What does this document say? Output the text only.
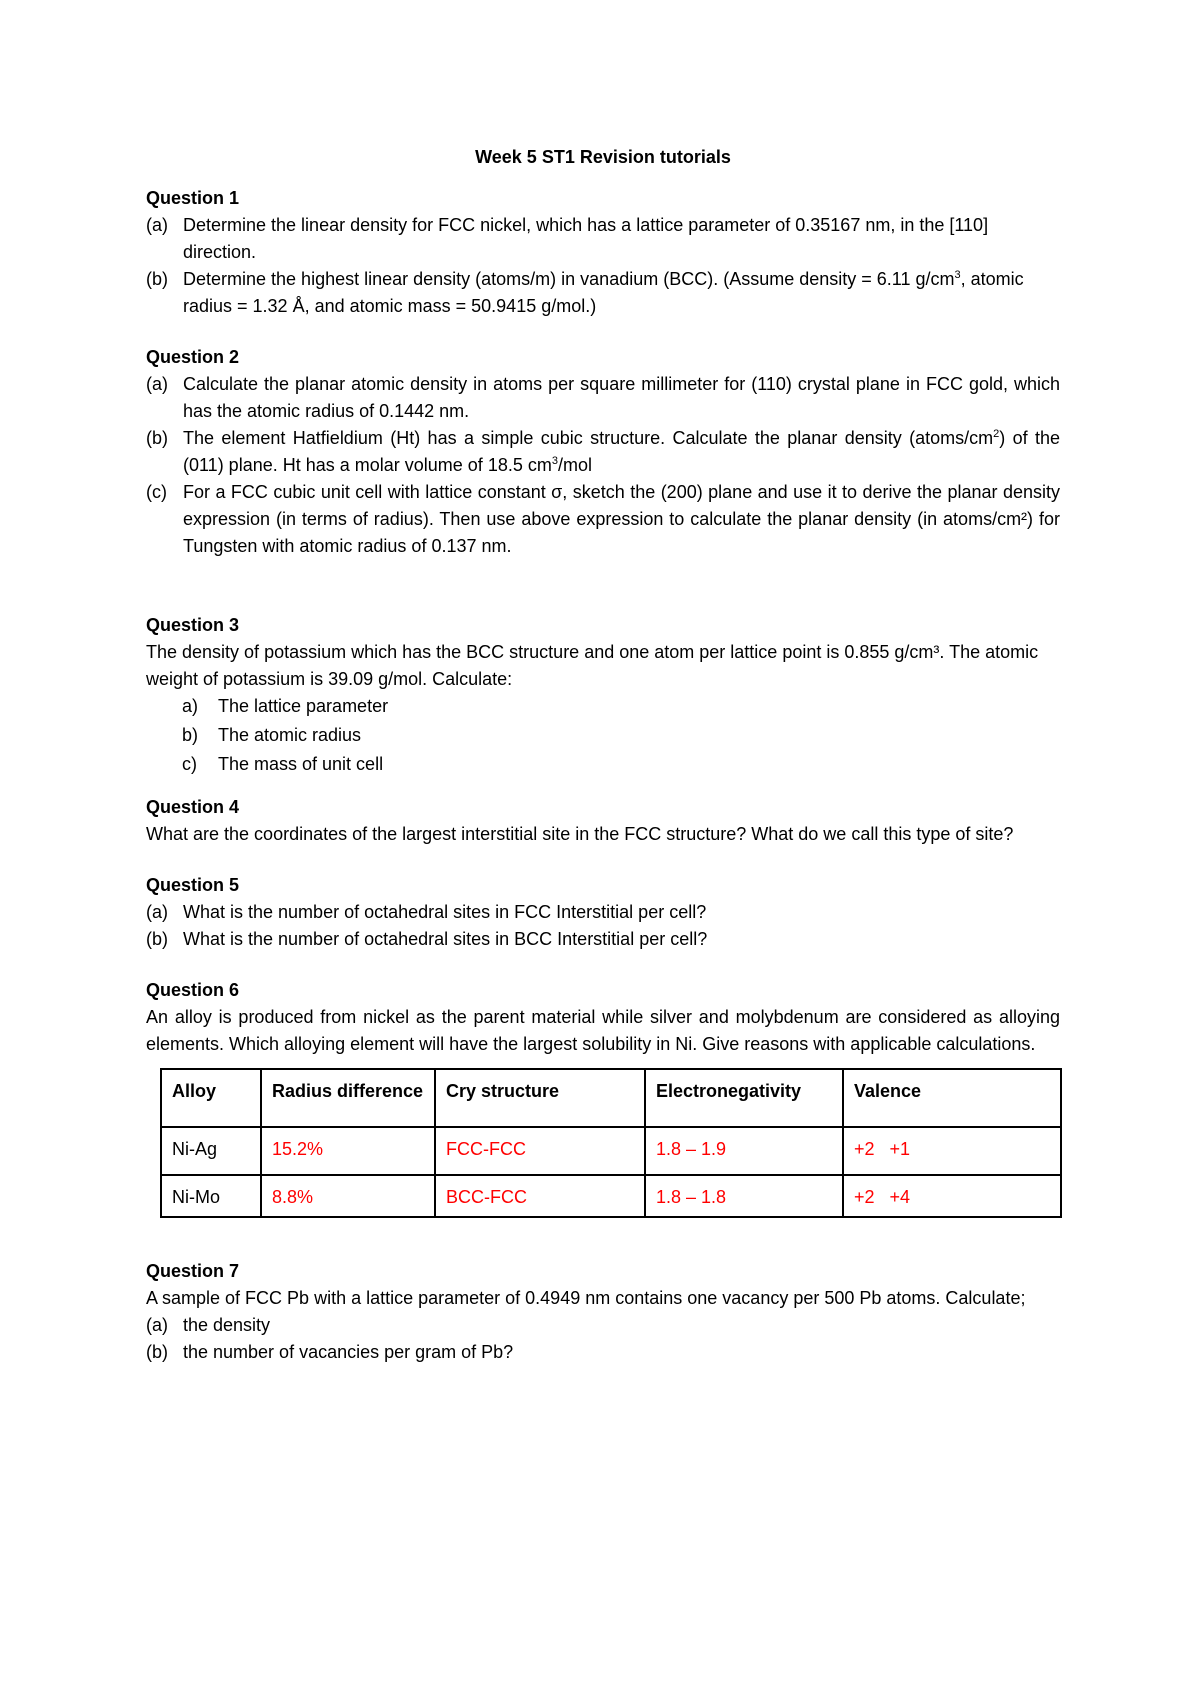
Week 5 ST1 Revision tutorials

Question 1

(a) Determine the linear density for FCC nickel, which has a lattice parameter of 0.35167 nm, in the [110] direction.
(b) Determine the highest linear density (atoms/m) in vanadium (BCC). (Assume density = 6.11 $g/cm^3$, atomic radius = 1.32 Å, and atomic mass = 50.9415 g/mol.)

Question 2

(a) Calculate the planar atomic density in atoms per square millimeter for (110) crystal plane in FCC gold, which has the atomic radius of 0.1442 nm.
(b) The element Hatfieldium (Ht) has a simple cubic structure. Calculate the planar density $(atoms/cm^2)$ of the (011) plane. Ht has a molar volume of 18.5 $cm^3$/mol
(c) For a FCC cubic unit cell with lattice constant σ, sketch the (200) plane and use it to derive the planar density expression (in terms of radius). Then use above expression to calculate the planar density (in atoms/cm²) for Tungsten with atomic radius of 0.137 nm.

Question 3

The density of potassium which has the BCC structure and one atom per lattice point is 0.855 g/cm³. The atomic weight of potassium is 39.09 g/mol. Calculate:

a)	The lattice parameter
b)	The atomic radius
c)	The mass of unit cell

Question 4

What are the coordinates of the largest interstitial site in the FCC structure? What do we call this type of site?

Question 5

(a) What is the number of octahedral sites in FCC Interstitial per cell?
(b) What is the number of octahedral sites in BCC Interstitial per cell?

Question 6

An alloy is produced from nickel as the parent material while silver and molybdenum are considered as alloying elements. Which alloying element will have the largest solubility in Ni. Give reasons with applicable calculations.

Alloy	Radius difference	Cry structure	Electronegativity	Valence
Ni-Ag	15.2%	FCC-FCC	1.8 – 1.9	+2   +1
Ni-Mo	8.8%	BCC-FCC	1.8 – 1.8	+2   +4

Question 7

A sample of FCC Pb with a lattice parameter of 0.4949 nm contains one vacancy per 500 Pb atoms. Calculate;

(a) the density
(b) the number of vacancies per gram of Pb?
